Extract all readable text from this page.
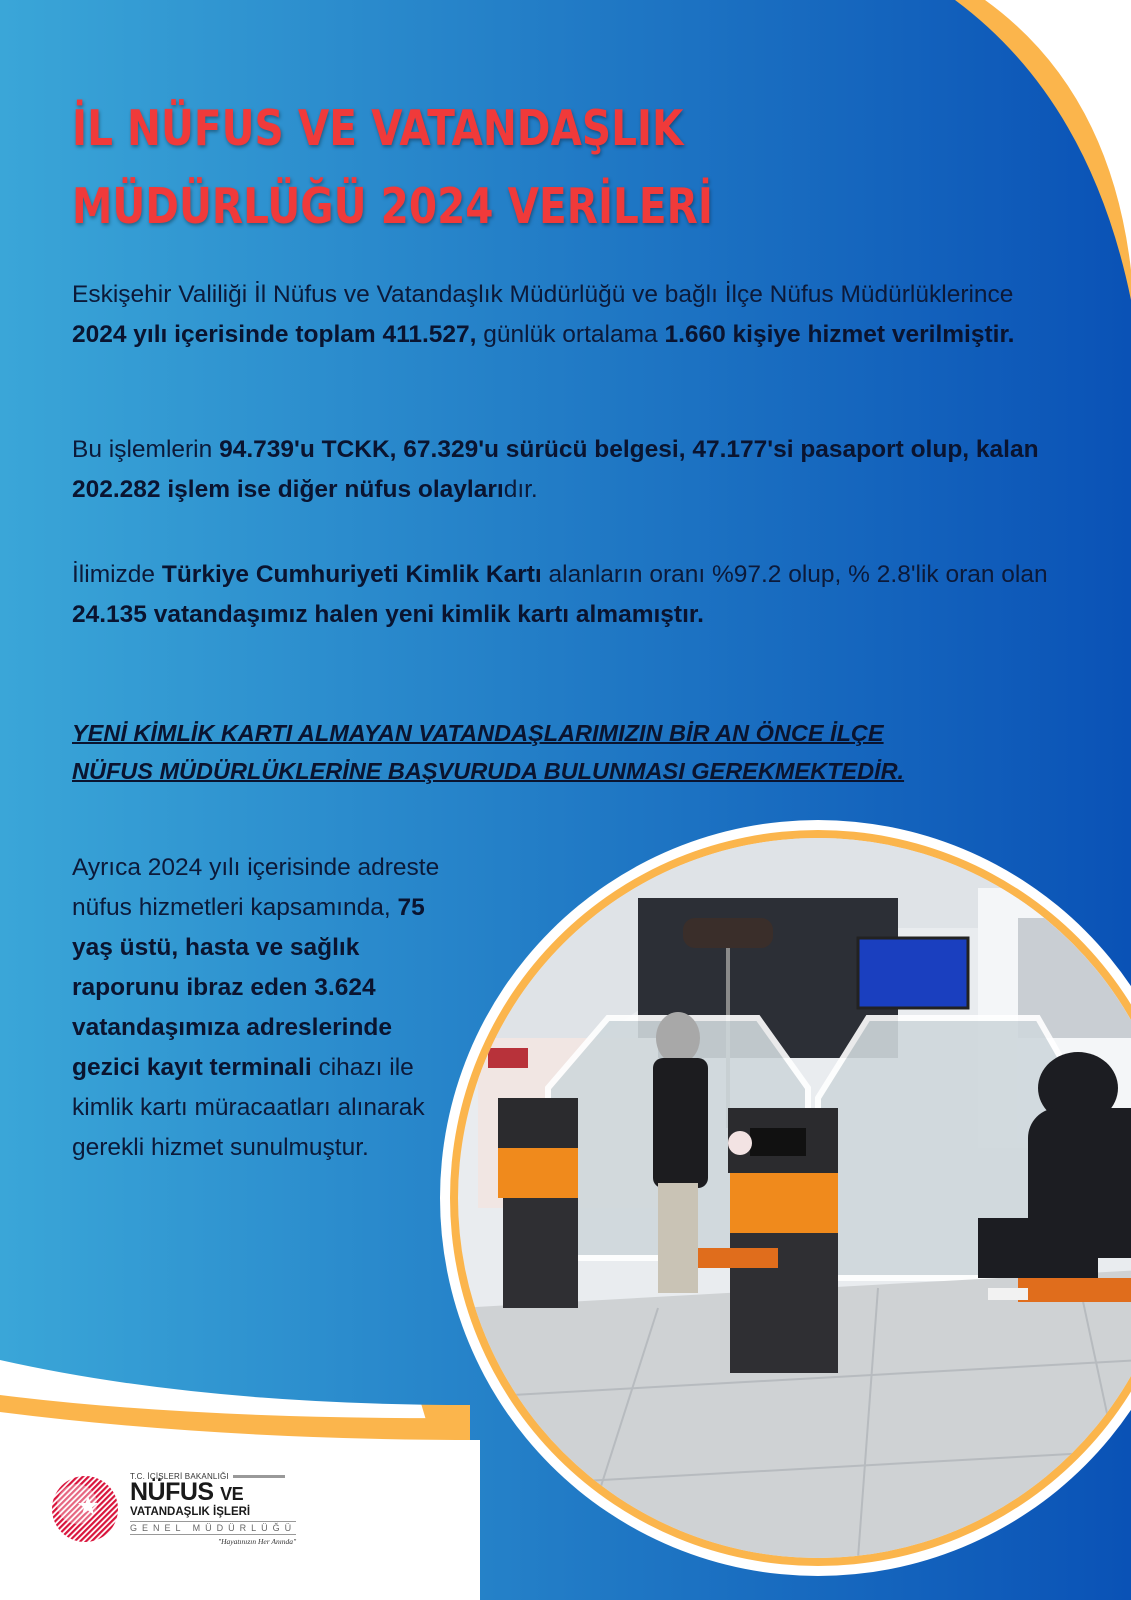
İL NÜFUS VE VATANDAŞLIK
MÜDÜRLÜĞÜ 2024 VERİLERİ
Eskişehir Valiliği İl Nüfus ve Vatandaşlık Müdürlüğü ve bağlı İlçe Nüfus Müdürlüklerince 2024 yılı içerisinde toplam 411.527, günlük ortalama 1.660 kişiye hizmet verilmiştir.
Bu işlemlerin 94.739'u TCKK, 67.329'u sürücü belgesi, 47.177'si pasaport olup, kalan 202.282 işlem ise diğer nüfus olaylarıdır.
İlimizde Türkiye Cumhuriyeti Kimlik Kartı alanların oranı %97.2 olup, % 2.8'lik oran olan 24.135 vatandaşımız halen yeni kimlik kartı almamıştır.
YENİ KİMLİK KARTI ALMAYAN VATANDAŞLARIMIZIN BİR AN ÖNCE İLÇE
NÜFUS MÜDÜRLÜKLERİNE BAŞVURUDA BULUNMASI GEREKMEKTEDİR.
Ayrıca 2024 yılı içerisinde adreste nüfus hizmetleri kapsamında, 75 yaş üstü, hasta ve sağlık raporunu ibraz eden 3.624 vatandaşımıza adreslerinde gezici kayıt terminali cihazı ile kimlik kartı müracaatları alınarak gerekli hizmet sunulmuştur.
T.C. İÇİŞLERİ BAKANLIĞI
NÜFUS VE
VATANDAŞLIK İŞLERİ
GENEL MÜDÜRLÜĞÜ
"Hayatınızın Her Anında"
